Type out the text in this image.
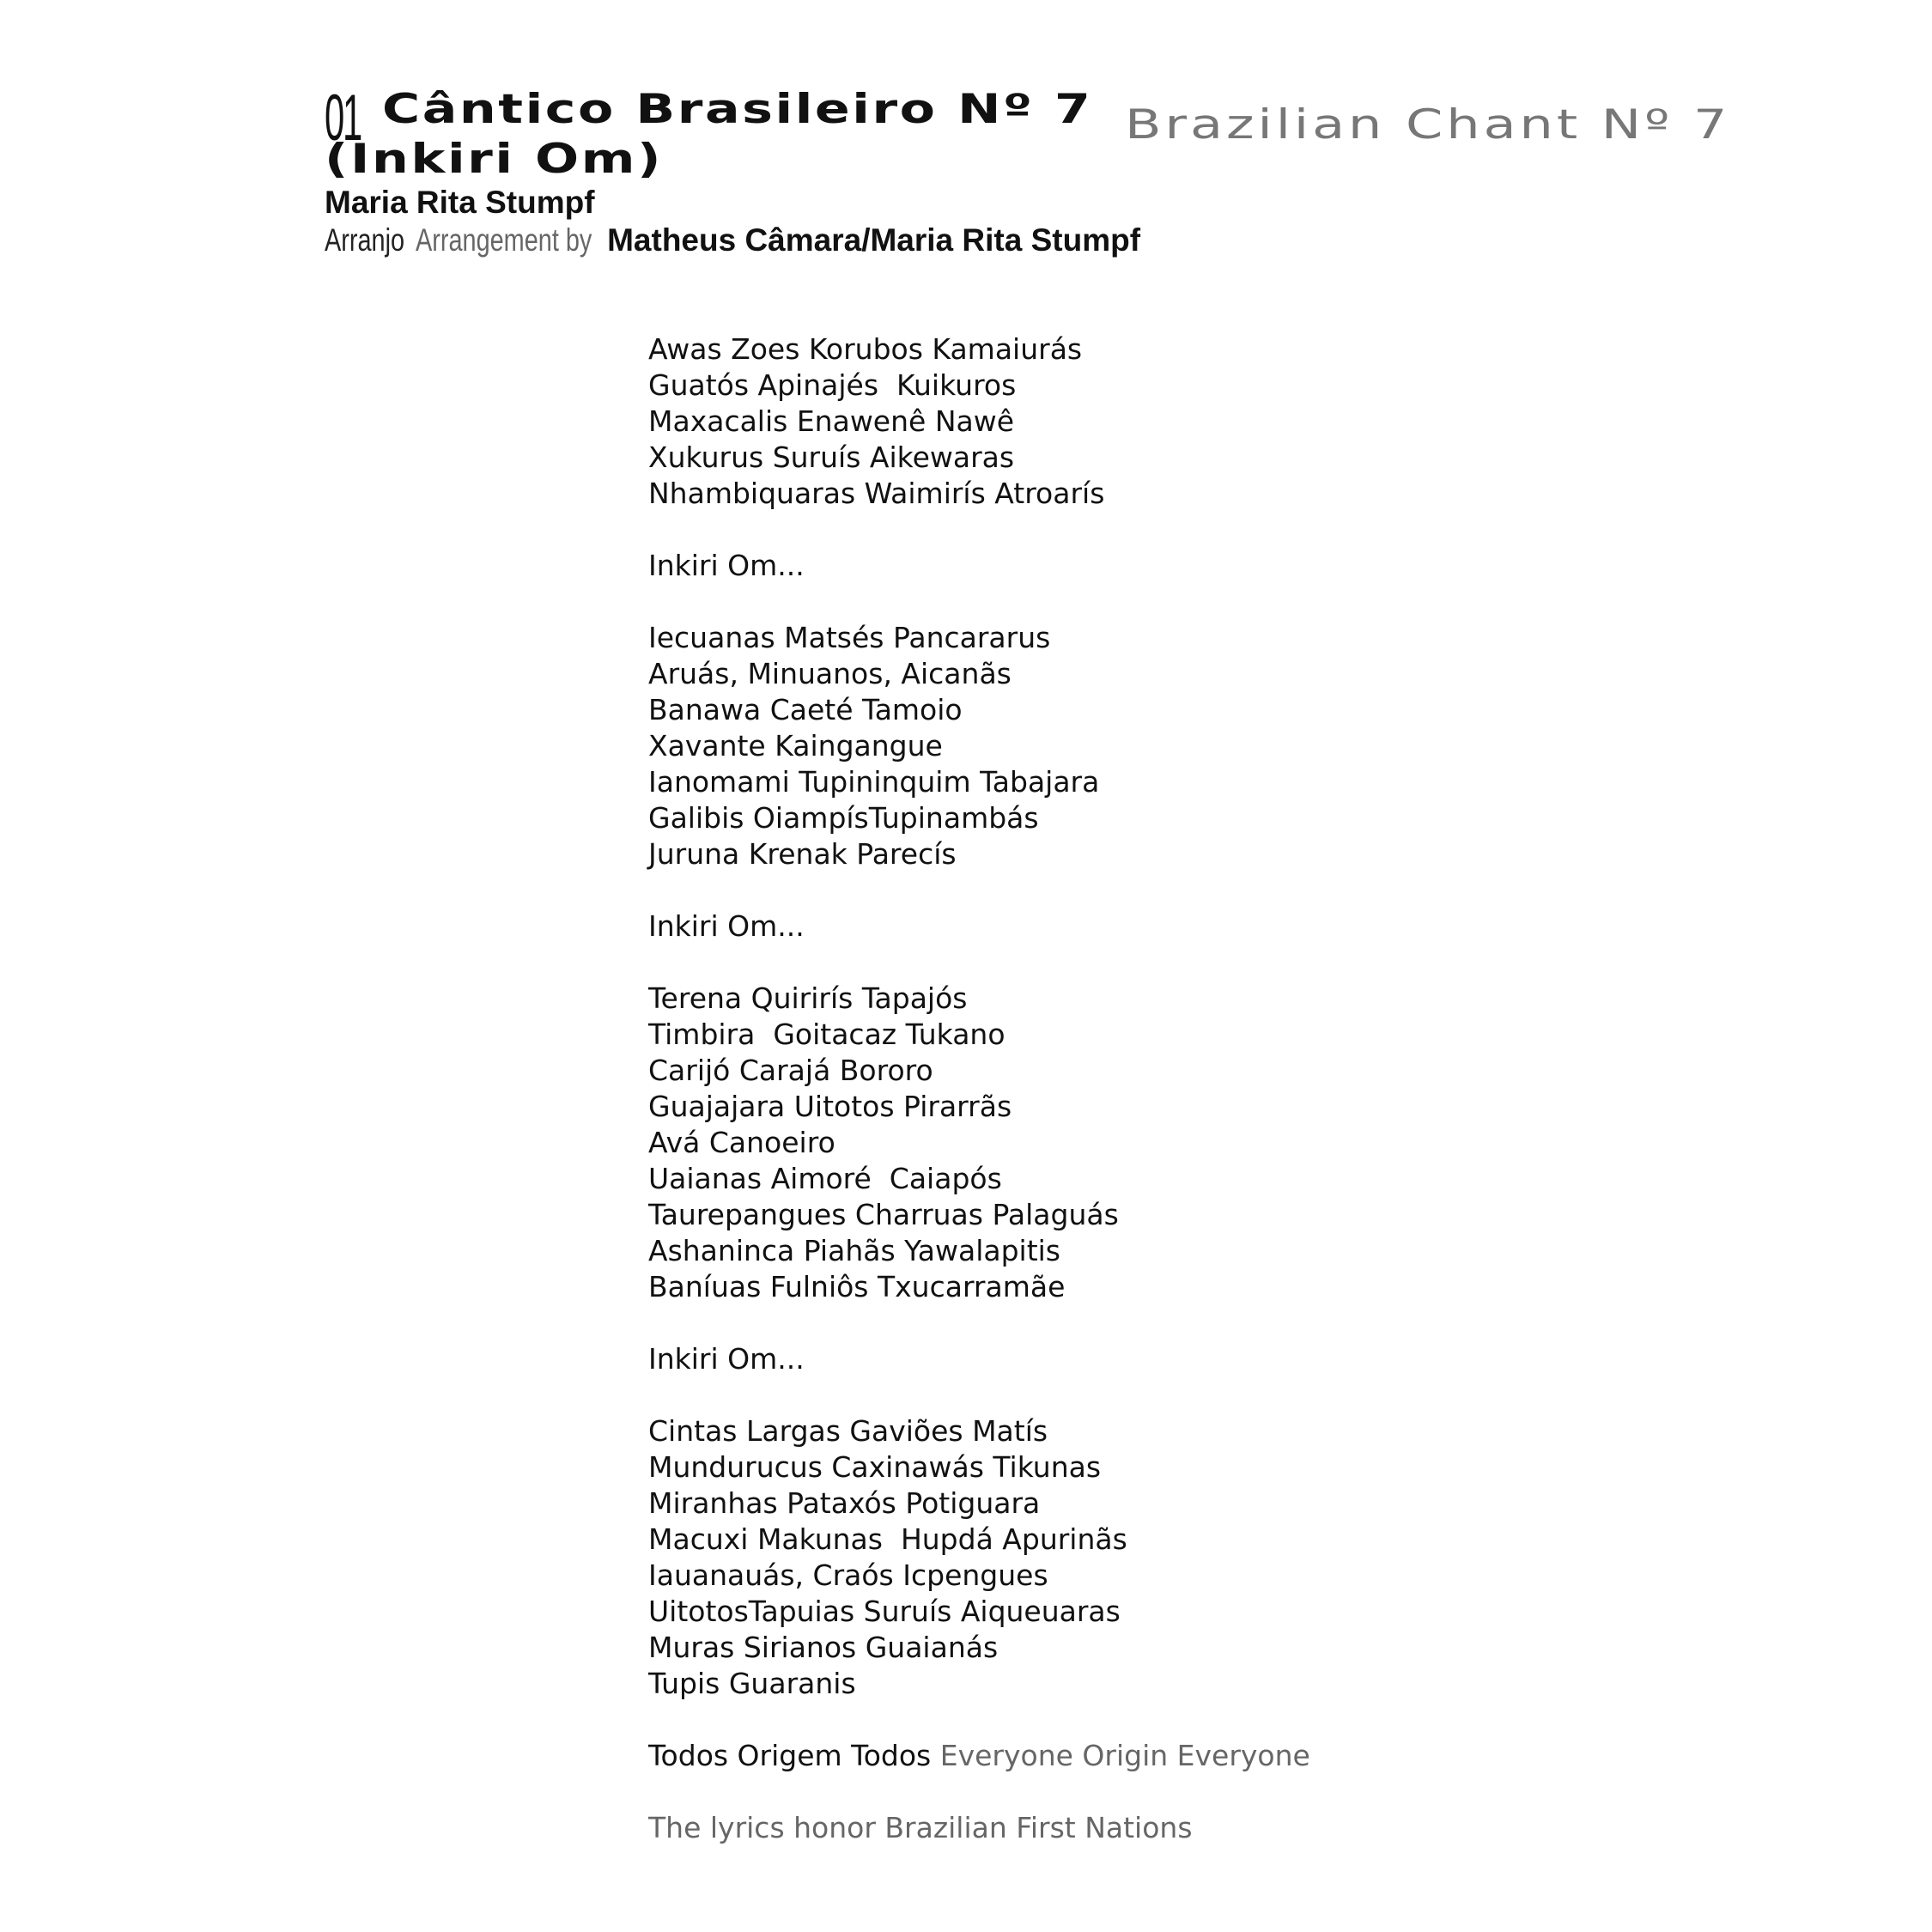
01 Cântico Brasileiro Nº 7
(Inkiri Om)
Maria Rita Stumpf
Arranjo Arrangement by Matheus Câmara/Maria Rita Stumpf
Brazilian Chant Nº 7
Awas Zoes Korubos Kamaiurás
Guatós Apinajés  Kuikuros
Maxacalis Enawenê Nawê
Xukurus Suruís Aikewaras
Nhambiquaras Waimirís Atroarís
Inkiri Om...
Iecuanas Matsés Pancararus
Aruás, Minuanos, Aicanãs
Banawa Caeté Tamoio
Xavante Kaingangue
Ianomami Tupininquim Tabajara
Galibis OiampísTupinambás
Juruna Krenak Parecís
Inkiri Om...
Terena Quirirís Tapajós
Timbira  Goitacaz Tukano
Carijó Carajá Bororo
Guajajara Uitotos Pirarrãs
Avá Canoeiro
Uaianas Aimoré  Caiapós
Taurepangues Charruas Palaguás
Ashaninca Piahãs Yawalapitis
Baníuas Fulniôs Txucarramãe
Inkiri Om...
Cintas Largas Gaviões Matís
Mundurucus Caxinawás Tikunas
Miranhas Pataxós Potiguara
Macuxi Makunas  Hupdá Apurinãs
Iauanauás, Craós Icpengues
UitotosTapuias Suruís Aiqueuaras
Muras Sirianos Guaianás
Tupis Guaranis
Todos Origem Todos Everyone Origin Everyone
The lyrics honor Brazilian First Nations
